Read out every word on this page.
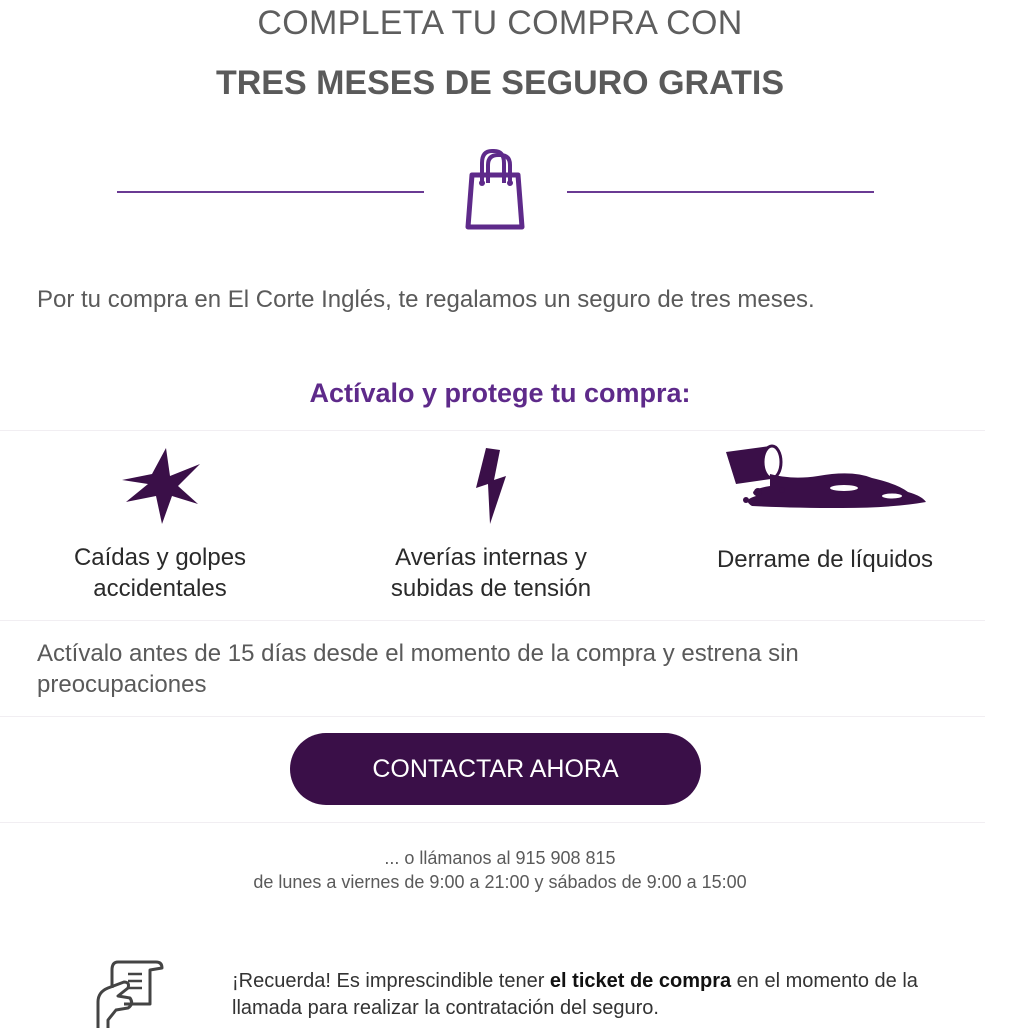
COMPLETA TU COMPRA CON
TRES MESES DE SEGURO GRATIS
Por tu compra en El Corte Inglés, te regalamos un seguro de tres meses.
Actívalo y protege tu compra:
Caídas y golpes
accidentales
Averías internas y
subidas de tensión
Derrame de líquidos
Actívalo antes de 15 días desde el momento de la compra y estrena sin preocupaciones
CONTACTAR AHORA
... o llámanos al 915 908 815
de lunes a viernes de 9:00 a 21:00 y sábados de 9:00 a 15:00
¡Recuerda! Es imprescindible tener el ticket de compra en el momento de la llamada para realizar la contratación del seguro.
